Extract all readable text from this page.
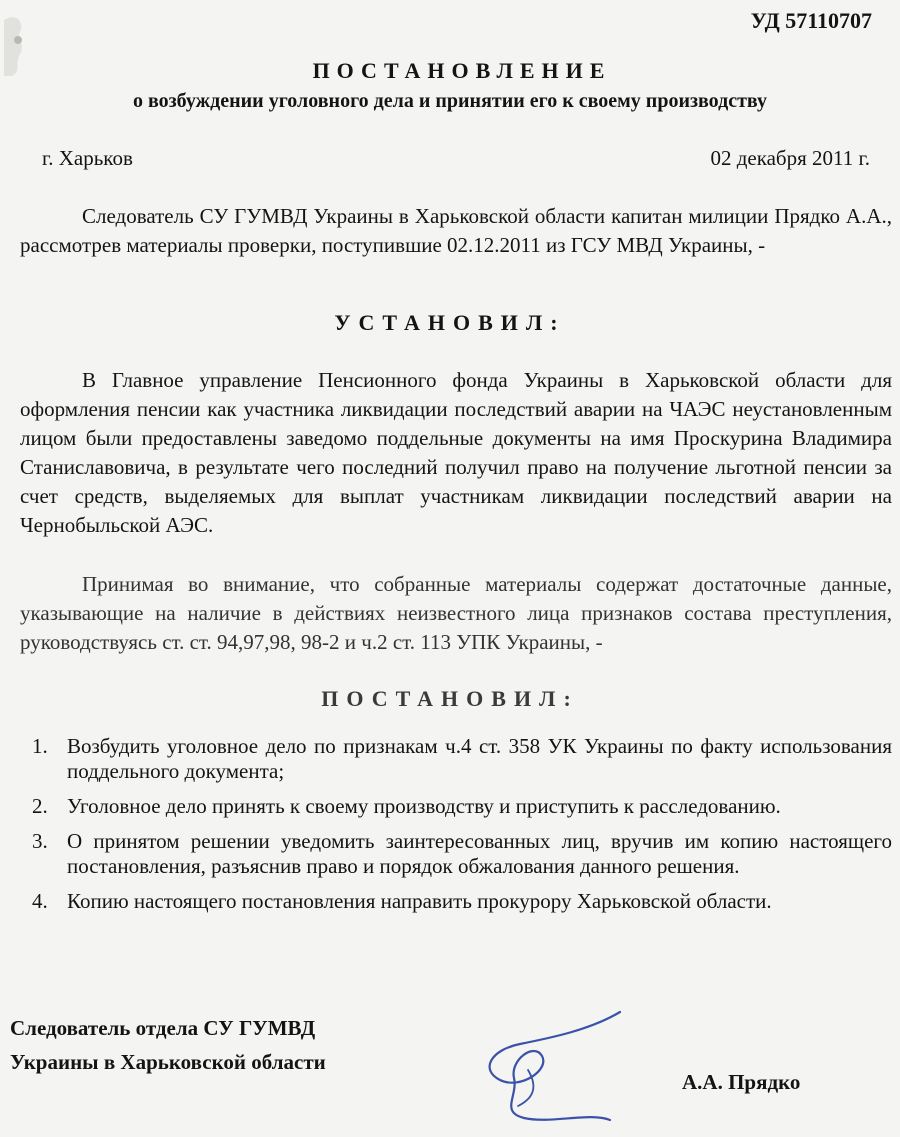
УД 57110707
ПОСТАНОВЛЕНИЕ
о возбуждении уголовного дела и принятии его к своему производству
г. Харьков	02 декабря 2011 г.

Следователь СУ ГУМВД Украины в Харьковской области капитан милиции Прядко А.А., рассмотрев материалы проверки, поступившие 02.12.2011 из ГСУ МВД Украины, -

УСТАНОВИЛ:

В Главное управление Пенсионного фонда Украины в Харьковской области для оформления пенсии как участника ликвидации последствий аварии на ЧАЭС неустановленным лицом были предоставлены заведомо поддельные документы на имя Проскурина Владимира Станиславовича, в результате чего последний получил право на получение льготной пенсии за счет средств, выделяемых для выплат участникам ликвидации последствий аварии на Чернобыльской АЭС.

Принимая во внимание, что собранные материалы содержат достаточные данные, указывающие на наличие в действиях неизвестного лица признаков состава преступления, руководствуясь ст. ст. 94,97,98, 98-2 и ч.2 ст. 113 УПК Украины, -

ПОСТАНОВИЛ:
1. Возбудить уголовное дело по признакам ч.4 ст. 358 УК Украины по факту использования поддельного документа;
2. Уголовное дело принять к своему производству и приступить к расследованию.
3. О принятом решении уведомить заинтересованных лиц, вручив им копию настоящего постановления, разъяснив право и порядок обжалования данного решения.
4. Копию настоящего постановления направить прокурору Харьковской области.
Следователь отдела СУ ГУМВД
Украины в Харьковской области
А.А. Прядко
